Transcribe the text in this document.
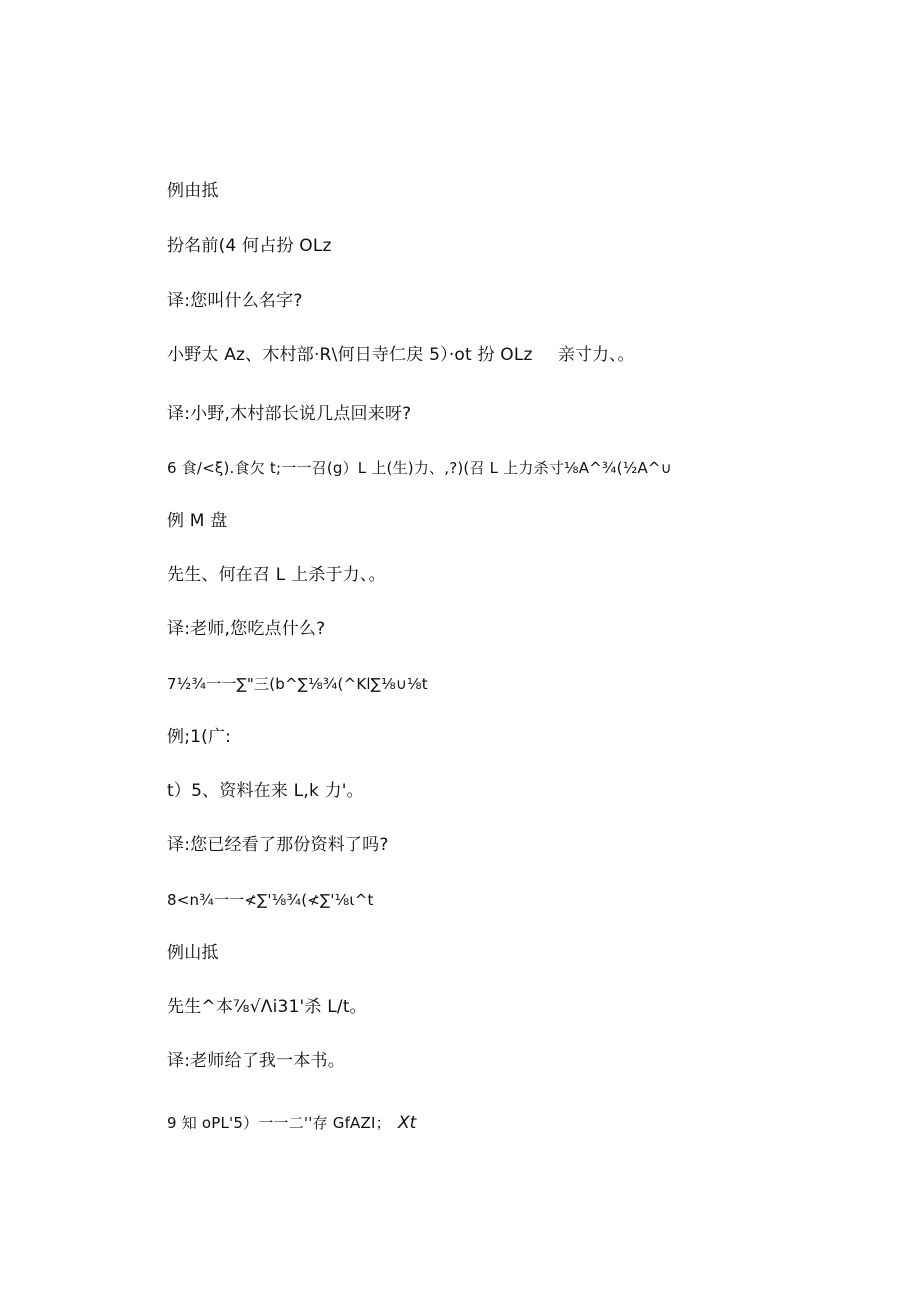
例由抵
扮名前(4 何占扮 OLz
译:您叫什么名字?
小野太 Az、木村部·R\何日寺仁戻 5）·ot 扮 OLz 亲寸力、。
译:小野,木村部长说几点回来呀?
6 食/<ξ).食欠 t;一一召(g）L 上(生)力、,?)(召 L 上力杀寸⅛A^¾(½A^∪
例 M 盘
先生、何在召 L 上杀于力、。
译:老师,您吃点什么?
7½¾一一∑"三(b^∑⅛¾(^Kl∑⅛∪⅛t
例;1(广:
t）5、资料在来 L,k 力'。
译:您已经看了那份资料了吗?
8<n¾一一≮∑'⅛¾(≮∑'⅛ι^t
例山抵
先生^本⅞√Λi31'杀 L/t。
译:老师给了我一本书。
9 知 oPL'5）一一二''存 GfAZI； Xt
